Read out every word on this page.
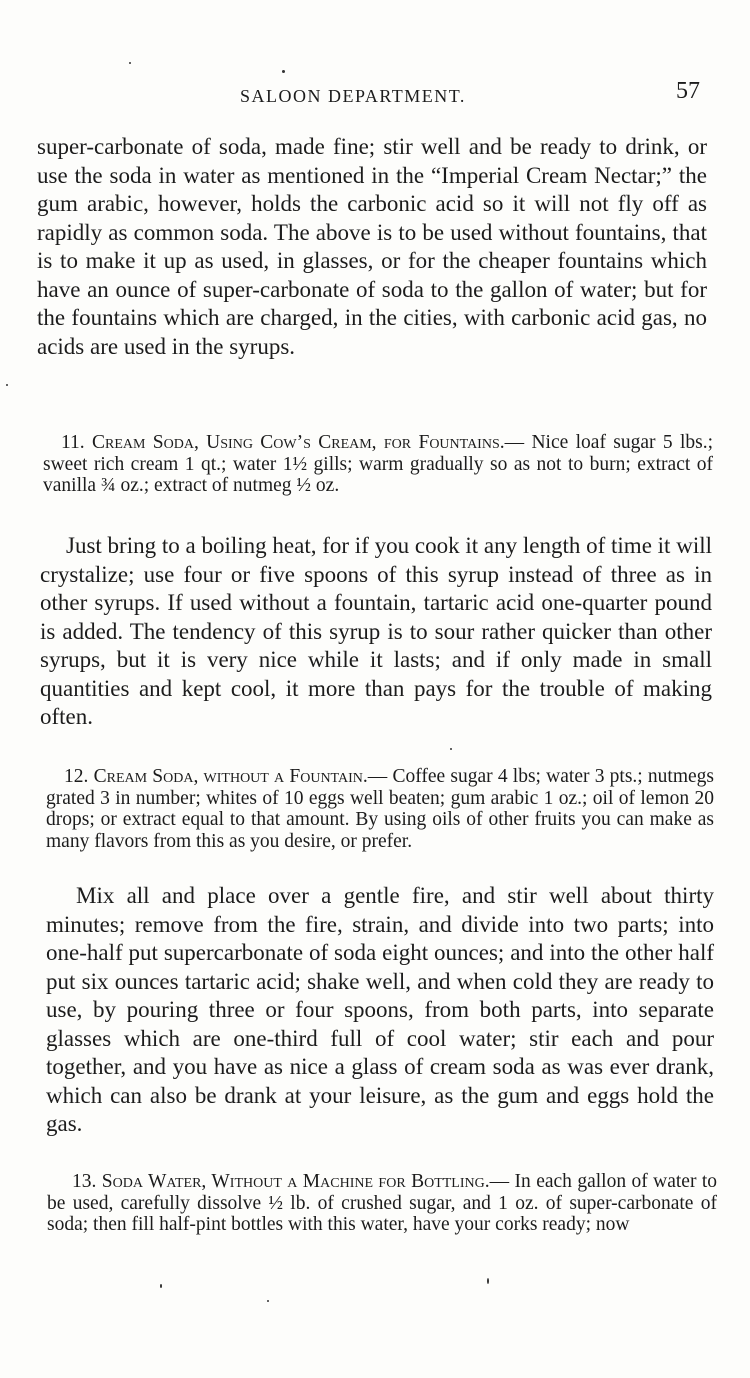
SALOON DEPARTMENT.	57

super-carbonate of soda, made fine; stir well and be ready to drink, or use the soda in water as mentioned in the “Imperial Cream Nectar;” the gum arabic, however, holds the carbonic acid so it will not fly off as rapidly as common soda. The above is to be used without fountains, that is to make it up as used, in glasses, or for the cheaper fountains which have an ounce of super-carbonate of soda to the gallon of water; but for the fountains which are charged, in the cities, with carbonic acid gas, no acids are used in the syrups.

11. Cream Soda, Using Cow’s Cream, for Fountains.— Nice loaf sugar 5 lbs.; sweet rich cream 1 qt.; water 1½ gills; warm gradually so as not to burn; extract of vanilla ¾ oz.; extract of nutmeg ½ oz.

Just bring to a boiling heat, for if you cook it any length of time it will crystalize; use four or five spoons of this syrup instead of three as in other syrups. If used without a fountain, tartaric acid one-quarter pound is added. The tendency of this syrup is to sour rather quicker than other syrups, but it is very nice while it lasts; and if only made in small quantities and kept cool, it more than pays for the trouble of making often.

12. Cream Soda, without a Fountain.— Coffee sugar 4 lbs; water 3 pts.; nutmegs grated 3 in number; whites of 10 eggs well beaten; gum arabic 1 oz.; oil of lemon 20 drops; or extract equal to that amount. By using oils of other fruits you can make as many flavors from this as you desire, or prefer.

Mix all and place over a gentle fire, and stir well about thirty minutes; remove from the fire, strain, and divide into two parts; into one-half put supercarbonate of soda eight ounces; and into the other half put six ounces tartaric acid; shake well, and when cold they are ready to use, by pouring three or four spoons, from both parts, into separate glasses which are one-third full of cool water; stir each and pour together, and you have as nice a glass of cream soda as was ever drank, which can also be drank at your leisure, as the gum and eggs hold the gas.

13. Soda Water, Without a Machine for Bottling.— In each gallon of water to be used, carefully dissolve ½ lb. of crushed sugar, and 1 oz. of super-carbonate of soda; then fill half-pint bottles with this water, have your corks ready; now
